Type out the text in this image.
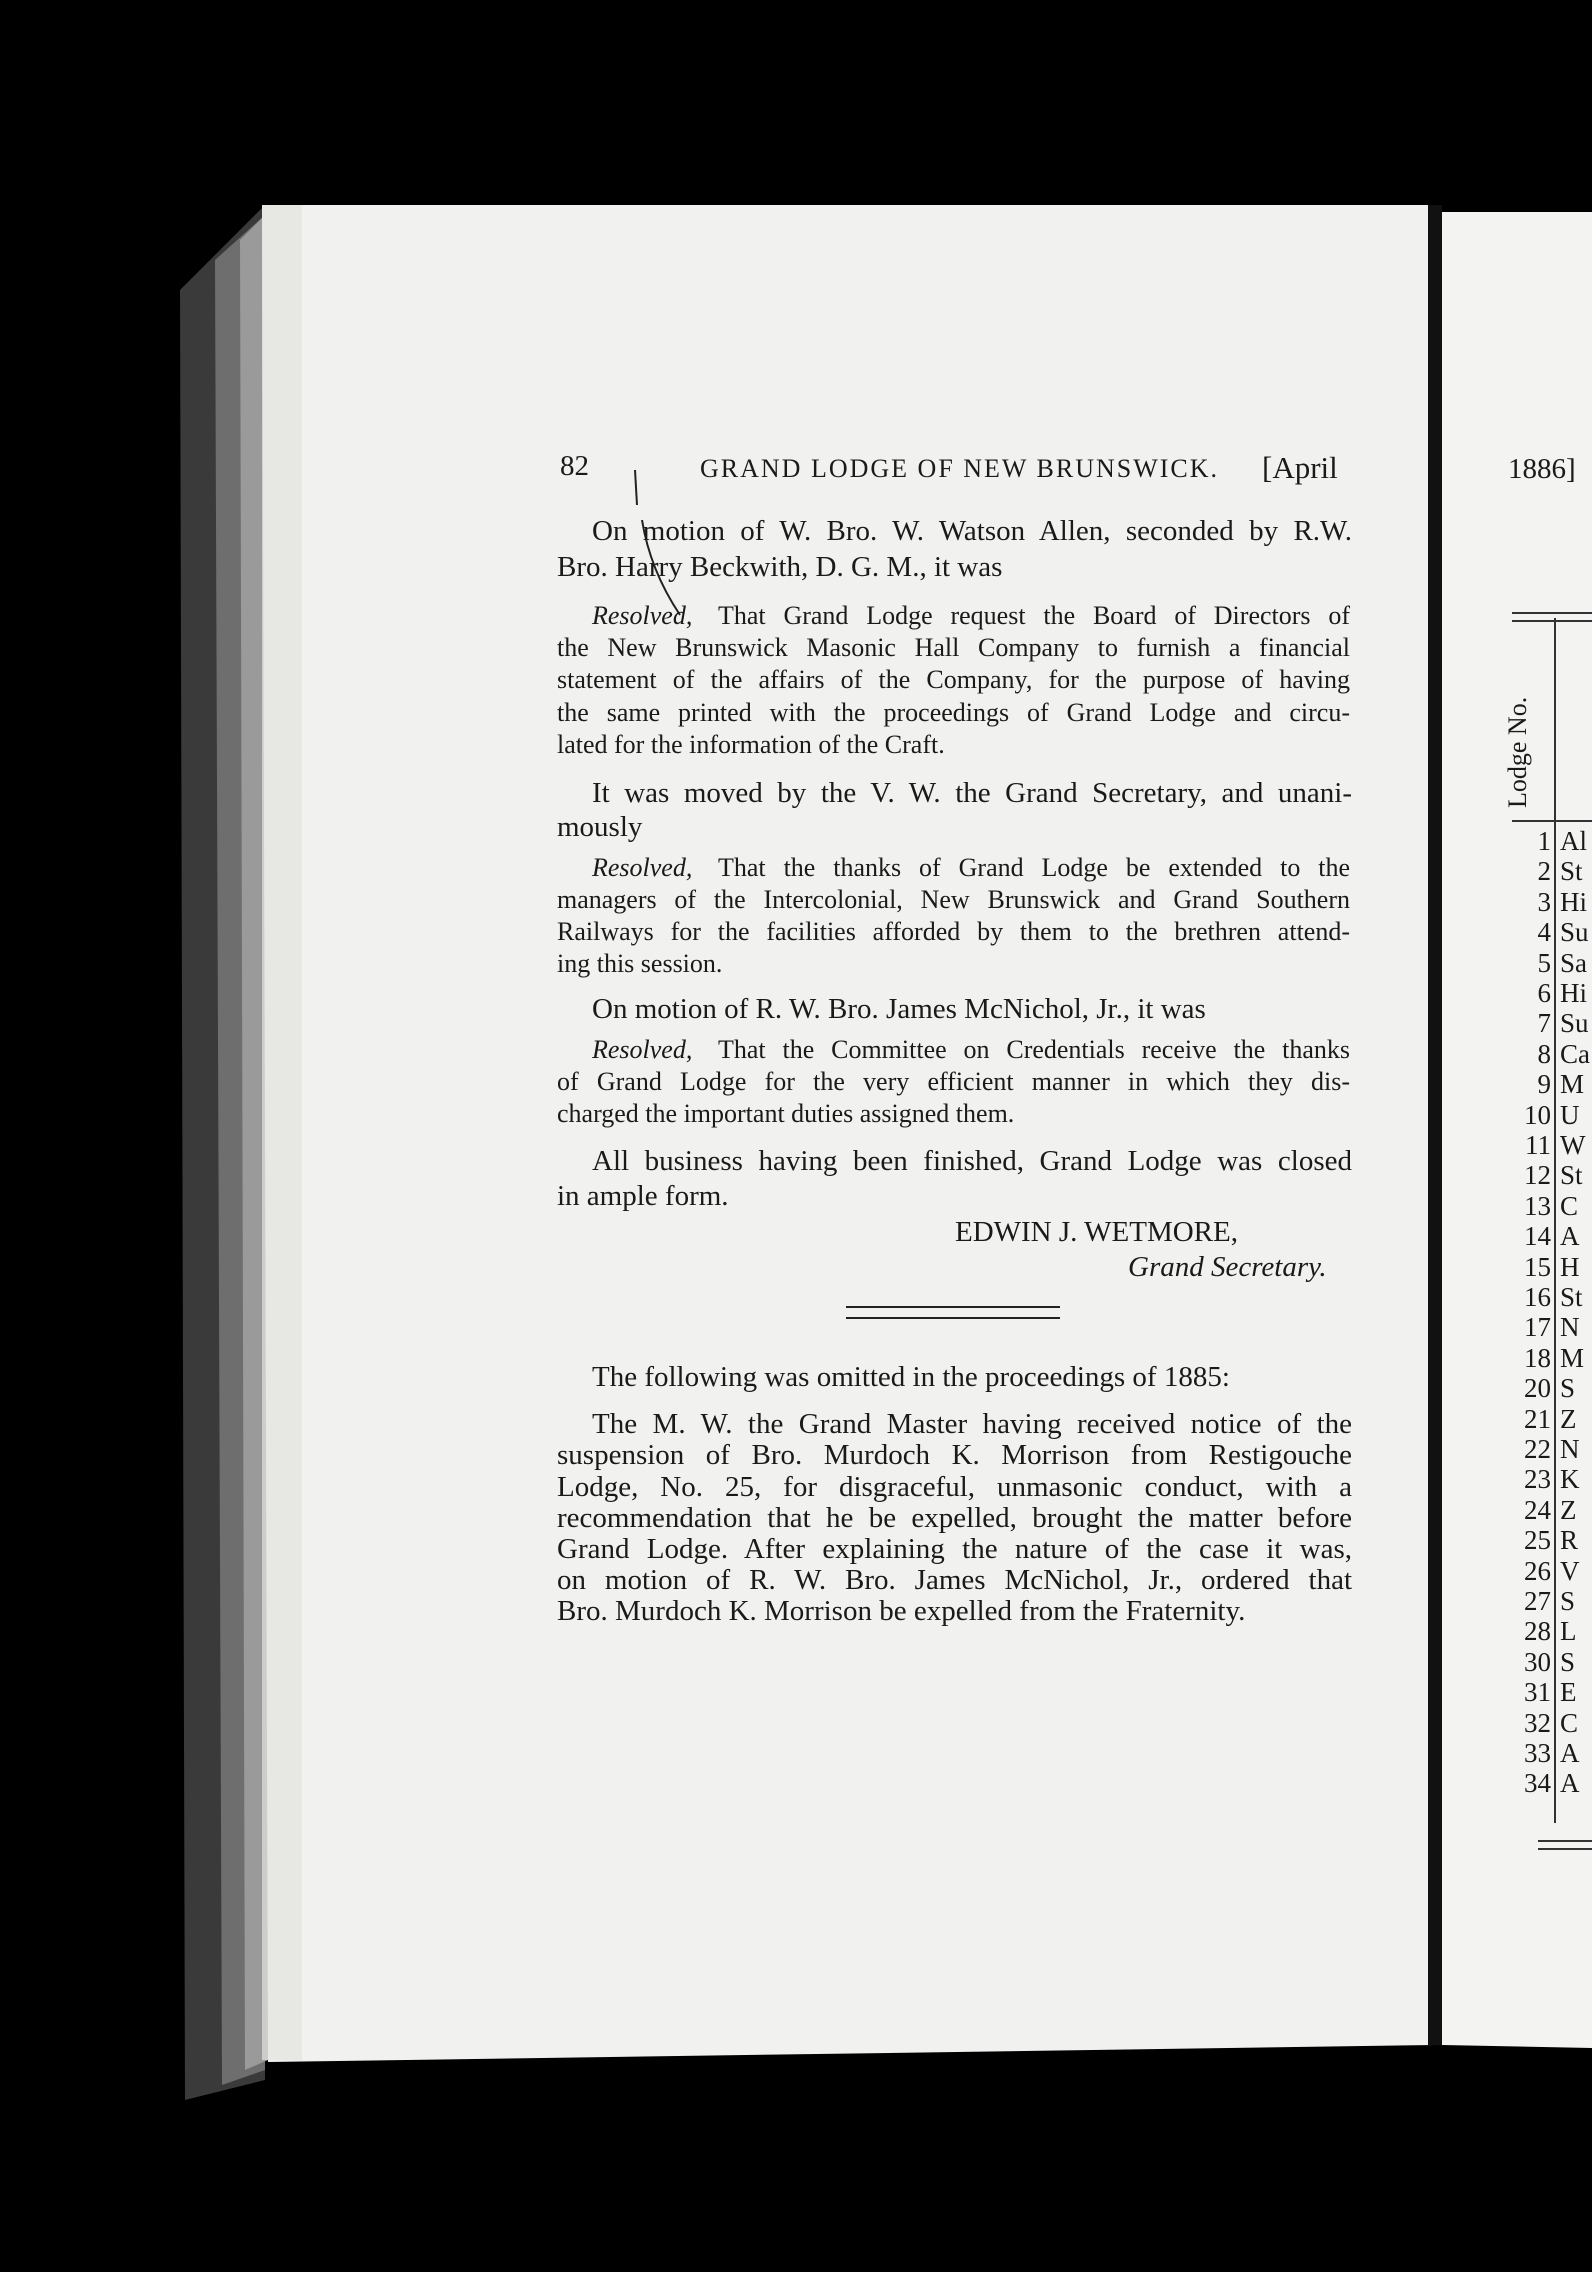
82	GRAND LODGE OF NEW BRUNSWICK. [April
On motion of W. Bro. W. Watson Allen, seconded by R.W.
Bro. Harry Beckwith, D. G. M., it was
Resolved, That Grand Lodge request the Board of Directors of
the New Brunswick Masonic Hall Company to furnish a financial
statement of the affairs of the Company, for the purpose of having
the same printed with the proceedings of Grand Lodge and circu-
lated for the information of the Craft.
It was moved by the V. W. the Grand Secretary, and unani-
mously
Resolved, That the thanks of Grand Lodge be extended to the
managers of the Intercolonial, New Brunswick and Grand Southern
Railways for the facilities afforded by them to the brethren attend-
ing this session.
On motion of R. W. Bro. James McNichol, Jr., it was
Resolved, That the Committee on Credentials receive the thanks
of Grand Lodge for the very efficient manner in which they dis-
charged the important duties assigned them.
All business having been finished, Grand Lodge was closed
in ample form.
EDWIN J. WETMORE,
Grand Secretary.
The following was omitted in the proceedings of 1885:
The M. W. the Grand Master having received notice of the
suspension of Bro. Murdoch K. Morrison from Restigouche
Lodge, No. 25, for disgraceful, unmasonic conduct, with a
recommendation that he be expelled, brought the matter before
Grand Lodge. After explaining the nature of the case it was,
on motion of R. W. Bro. James McNichol, Jr., ordered that
Bro. Murdoch K. Morrison be expelled from the Fraternity.
1886]
Lodge No.
1 Al
2 St
3 Hi
4 Su
5 Sa
6 Hi
7 Su
8 Ca
9 M
10 U
11 W
12 St
13 C
14 A
15 H
16 St
17 N
18 M
20 S
21 Z
22 N
23 K
24 Z
25 R
26 V
27 S
28 L
30 S
31 E
32 C
33 A
34 A
